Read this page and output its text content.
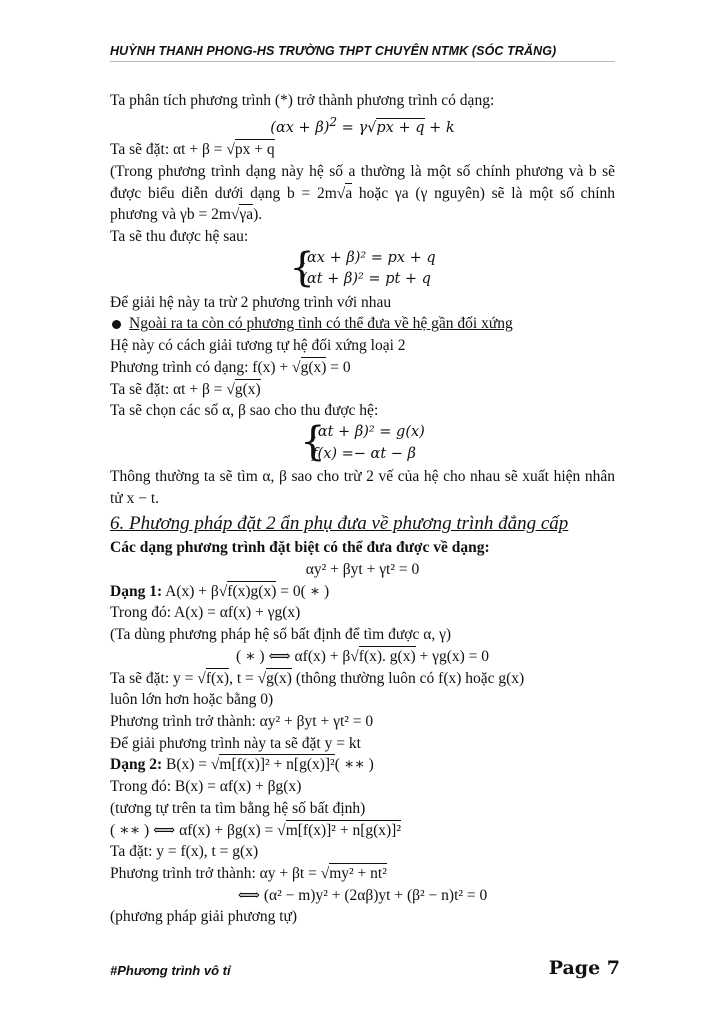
HUỲNH THANH PHONG-HS TRƯỜNG THPT CHUYÊN NTMK (SÓC TRĂNG)
Ta phân tích phương trình (*) trở thành phương trình có dạng:
$(\alpha x + \beta)^2 = \gamma√px + q + k$
Ta sẽ đặt: αt + β = √px + q
(Trong phương trình dạng này hệ số a thường là một số chính phương và b sẽ được biểu diễn dưới dạng b = 2m√a hoặc γa (γ nguyên) sẽ là một số chính phương và γb = 2m√γa).
Ta sẽ thu được hệ sau:
{
(αx + β)² = px + q
(αt + β)² = pt + q
Để giải hệ này ta trừ 2 phương trình với nhau
Ngoài ra ta còn có phương tình có thể đưa về hệ gần đối xứng
Hệ này có cách giải tương tự hệ đối xứng loại 2
Phương trình có dạng: f(x) + √g(x) = 0
Ta sẽ đặt: αt + β = √g(x)
Ta sẽ chọn các số α, β sao cho thu được hệ:
{
(αt + β)² = g(x)
f(x) =− αt − β
Thông thường ta sẽ tìm α, β sao cho trừ 2 vế của hệ cho nhau sẽ xuất hiện nhân tử x − t.
6. Phương pháp đặt 2 ẩn phụ đưa về phương trình đẳng cấp
Các dạng phương trình đặt biệt có thể đưa được về dạng:
αy² + βyt + γt² = 0
Dạng 1: A(x) + β√f(x)g(x) = 0( ∗ )
Trong đó: A(x) = αf(x) + γg(x)
(Ta dùng phương pháp hệ số bất định để tìm được α, γ)
( ∗ ) ⟺ αf(x) + β√f(x). g(x) + γg(x) = 0
Ta sẽ đặt: y = √f(x), t = √g(x) (thông thường luôn có f(x) hoặc g(x)
luôn lớn hơn hoặc bằng 0)
Phương trình trở thành: αy² + βyt + γt² = 0
Để giải phương trình này ta sẽ đặt y = kt
Dạng 2: B(x) = √m[f(x)]² + n[g(x)]²( ∗∗ )
Trong đó: B(x) = αf(x) + βg(x)
(tương tự trên ta tìm bằng hệ số bất định)
( ∗∗ ) ⟺ αf(x) + βg(x) = √m[f(x)]² + n[g(x)]²
Ta đặt: y = f(x), t = g(x)
Phương trình trở thành: αy + βt = √my² + nt²
⟺ (α² − m)y² + (2αβ)yt + (β² − n)t² = 0
(phương pháp giải phương tự)
#Phương trình vô tỉ	Page 7
